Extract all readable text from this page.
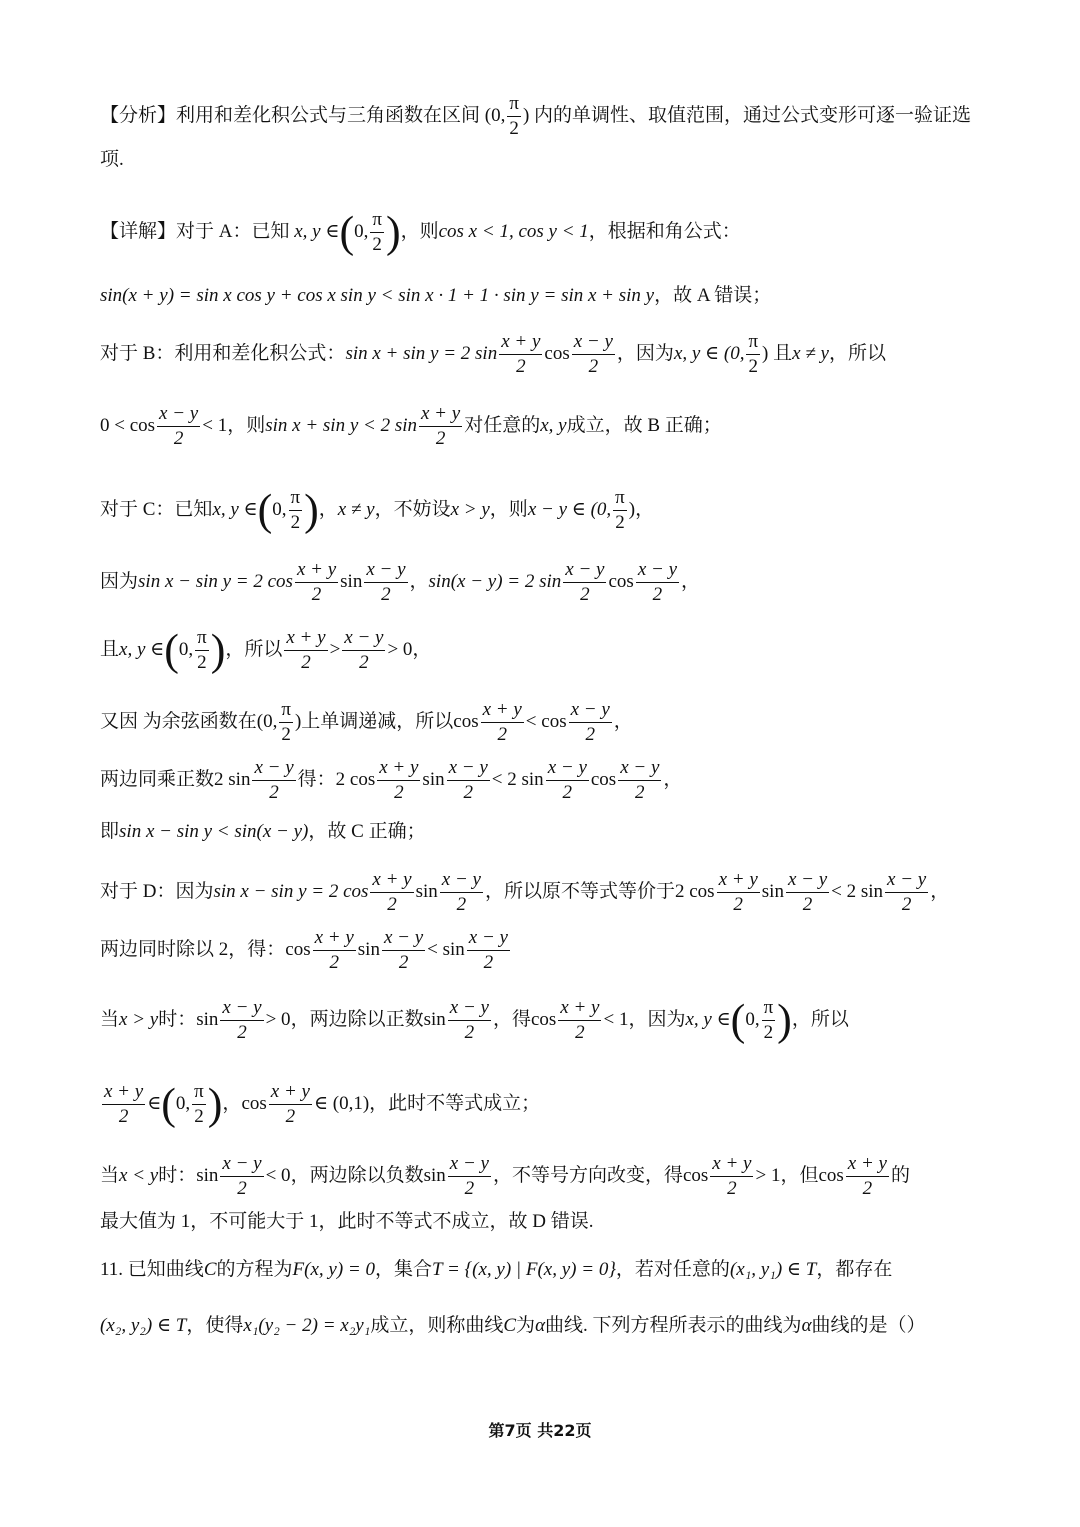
【分析】利用和差化积公式与三角函数在区间 (0, $\frac{\pi}{2}$ ) 内的单调性、取值范围，通过公式变形可逐一验证选
项.
【详解】对于 A：已知 x, y ∈(0, $\frac{\pi}{2}$ )，则cos x < 1, cos y < 1，根据和角公式：
sin(x + y) = sin x cos y + cos x sin y < sin x · 1 + 1 · sin y = sin x + sin y，故 A 错误；
对于 B：利用和差化积公式：sin x + sin y = 2 $\sin \frac{x + y}{2}$ $\cos \frac{x - y}{2}$ ，因为x, y ∈ (0, $\frac{\pi}{2}$ ) 且x ≠ y，所以
$0 < \cos \frac{x - y}{2} < 1$，则sin x + sin y < 2 $\sin \frac{x + y}{2}$ 对任意的x, y成立，故 B 正确；
对于 C：已知x, y ∈(0, $\frac{\pi}{2}$ )，x ≠ y，不妨设x > y，则x − y ∈ (0, $\frac{\pi}{2}$ )，
因为sin x − sin y = 2 $\cos \frac{x + y}{2}$ $\sin \frac{x - y}{2}$ ，sin(x − y) = 2 $\sin \frac{x - y}{2}$ $\cos \frac{x - y}{2}$ ，
且x, y ∈(0, $\frac{\pi}{2}$ )，所以 $\frac{x + y}{2} > \frac{x - y}{2} > 0$，
又因 为余弦函数在(0, $\frac{\pi}{2}$ )上单调递减，所以$\cos \frac{x + y}{2} < \cos \frac{x - y}{2}$ ，
两边同乘正数2 $\sin \frac{x - y}{2}$ 得：2 $\cos \frac{x + y}{2}$ $\sin \frac{x - y}{2} < 2$ $\sin \frac{x - y}{2}$ $\cos \frac{x - y}{2}$ ，
即sin x − sin y < sin(x − y)，故 C 正确；
对于 D：因为sin x − sin y = 2 $\cos \frac{x + y}{2}$ $\sin \frac{x - y}{2}$ ，所以原不等式等价于2 $\cos \frac{x + y}{2}$ $\sin \frac{x - y}{2} < 2$ $\sin \frac{x - y}{2}$ ，
两边同时除以 2，得：$\cos \frac{x + y}{2}$ $\sin \frac{x - y}{2} < \sin \frac{x - y}{2}$
当x > y时：$\sin \frac{x - y}{2} > 0$，两边除以正数$\sin \frac{x - y}{2}$ ，得$\cos \frac{x + y}{2} < 1$，因为x, y ∈(0, $\frac{\pi}{2}$ )，所以
$\frac{x + y}{2}$ ∈(0, $\frac{\pi}{2}$ )，$\cos \frac{x + y}{2}$ ∈ (0,1)，此时不等式成立；
当x < y时：$\sin \frac{x - y}{2} < 0$，两边除以负数$\sin \frac{x - y}{2}$ ，不等号方向改变，得$\cos \frac{x + y}{2} > 1$，但$\cos \frac{x + y}{2}$ 的
最大值为 1，不可能大于 1，此时不等式不成立，故 D 错误.
11. 已知曲线C的方程为F(x, y) = 0，集合T = {(x, y) | F(x, y) = 0}，若对任意的(x₁, y₁) ∈ T，都存在
(x₂, y₂) ∈ T，使得x₁(y₂ − 2) = x₂y₁成立，则称曲线C为α曲线. 下列方程所表示的曲线为α曲线的是（）
第7页 共22页
